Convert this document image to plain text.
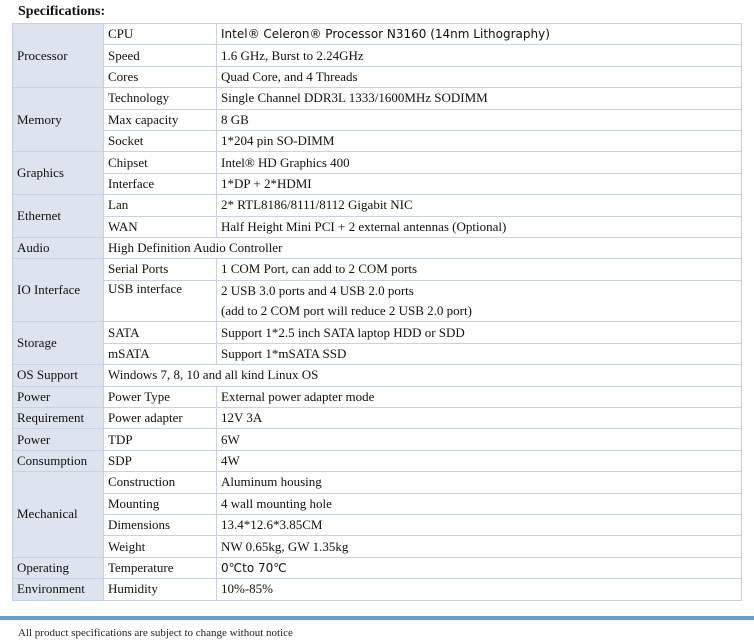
Specifications:
Processor	CPU	Intel® Celeron® Processor N3160 (14nm Lithography)
	Speed	1.6 GHz, Burst to 2.24GHz
	Cores	Quad Core, and 4 Threads
Memory	Technology	Single Channel DDR3L 1333/1600MHz SODIMM
	Max capacity	8 GB
	Socket	1*204 pin SO-DIMM
Graphics	Chipset	Intel® HD Graphics 400
	Interface	1*DP + 2*HDMI
Ethernet	Lan	2* RTL8186/8111/8112 Gigabit NIC
	WAN	Half Height Mini PCI + 2 external antennas (Optional)
Audio	High Definition Audio Controller	
IO Interface	Serial Ports	1 COM Port, can add to 2 COM ports
	USB interface	2 USB 3.0 ports and 4 USB 2.0 ports
		(add to 2 COM port will reduce 2 USB 2.0 port)
Storage	SATA	Support 1*2.5 inch SATA laptop HDD or SDD
	mSATA	Support 1*mSATA SSD
OS Support	Windows 7, 8, 10 and all kind Linux OS	
Power	Power Type	External power adapter mode
Requirement	Power adapter	12V 3A
Power	TDP	6W
Consumption	SDP	4W
Mechanical	Construction	Aluminum housing
	Mounting	4 wall mounting hole
	Dimensions	13.4*12.6*3.85CM
	Weight	NW 0.65kg, GW 1.35kg
Operating	Temperature	0℃to 70℃
Environment	Humidity	10%-85%
All product specifications are subject to change without notice
